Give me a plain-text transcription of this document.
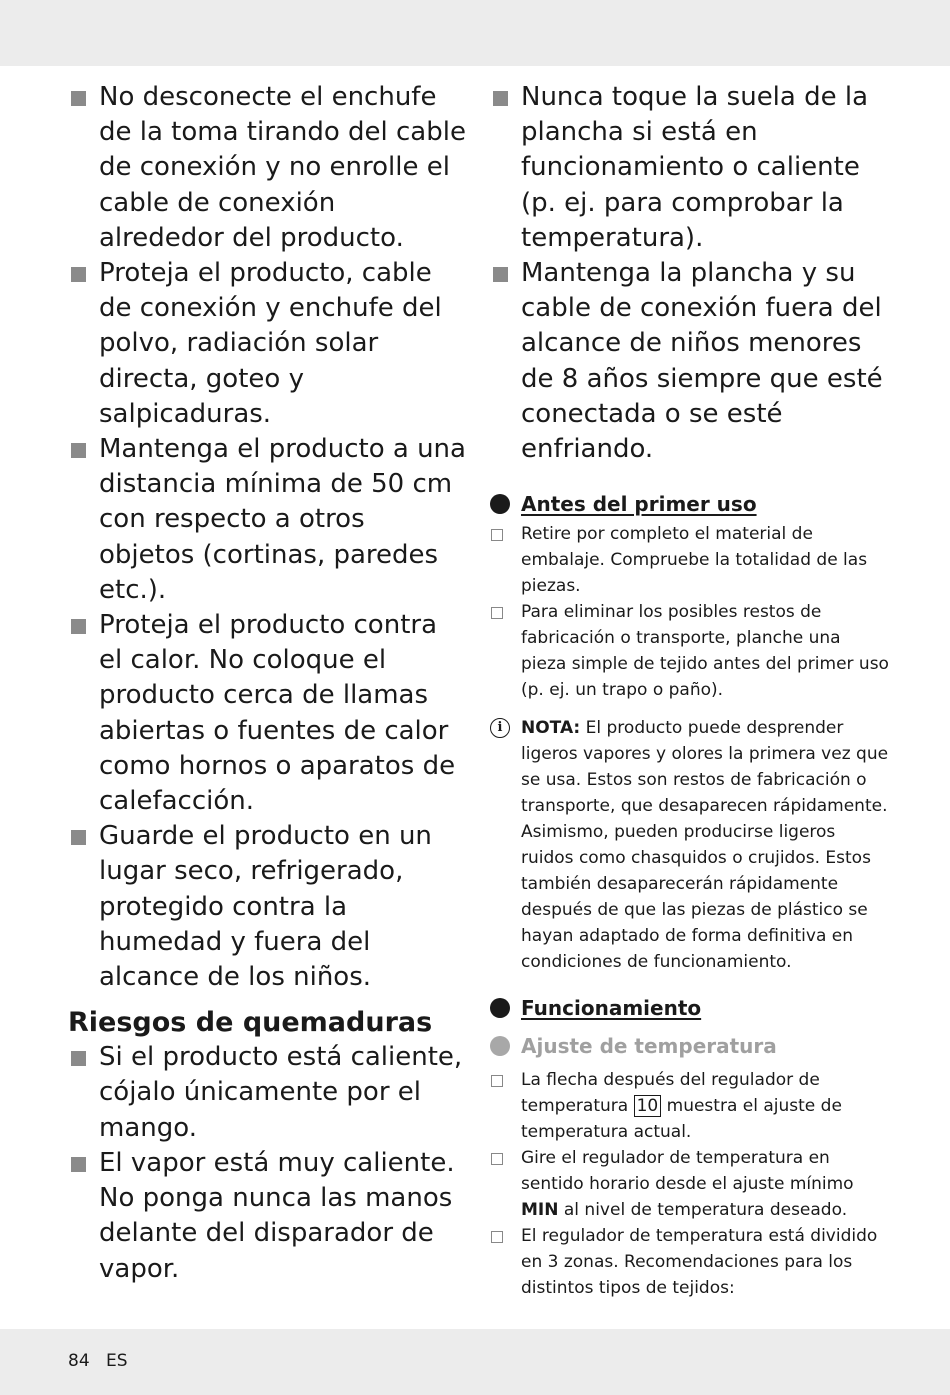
No desconecte el enchufe de la toma tirando del cable de conexión y no enrolle el cable de conexión alrededor del producto.
Proteja el producto, cable de conexión y enchufe del polvo, radiación solar directa, goteo y salpicaduras.
Mantenga el producto a una distancia mínima de 50 cm con respecto a otros objetos (cortinas, paredes etc.).
Proteja el producto contra el calor. No coloque el producto cerca de llamas abiertas o fuentes de calor como hornos o aparatos de calefacción.
Guarde el producto en un lugar seco, refrigerado, protegido contra la humedad y fuera del alcance de los niños.
Riesgos de quemaduras
Si el producto está caliente, cójalo únicamente por el mango.
El vapor está muy caliente. No ponga nunca las manos delante del disparador de vapor.
Nunca toque la suela de la plancha si está en funcionamiento o caliente (p. ej. para comprobar la temperatura).
Mantenga la plancha y su cable de conexión fuera del alcance de niños menores de 8 años siempre que esté conectada o se esté enfriando.
Antes del primer uso
Retire por completo el material de embalaje. Compruebe la totalidad de las piezas.
Para eliminar los posibles restos de fabricación o transporte, planche una pieza simple de tejido antes del primer uso (p. ej. un trapo o paño).
i	NOTA: El producto puede desprender ligeros vapores y olores la primera vez que se usa. Estos son restos de fabricación o transporte, que desaparecen rápidamente. Asimismo, pueden producirse ligeros ruidos como chasquidos o crujidos. Estos también desaparecerán rápidamente después de que las piezas de plástico se hayan adaptado de forma definitiva en condiciones de funcionamiento.
Funcionamiento
Ajuste de temperatura
La flecha después del regulador de temperatura 10 muestra el ajuste de temperatura actual.
Gire el regulador de temperatura en sentido horario desde el ajuste mínimo MIN al nivel de temperatura deseado.
El regulador de temperatura está dividido en 3 zonas. Recomendaciones para los distintos tipos de tejidos:
84 ES
